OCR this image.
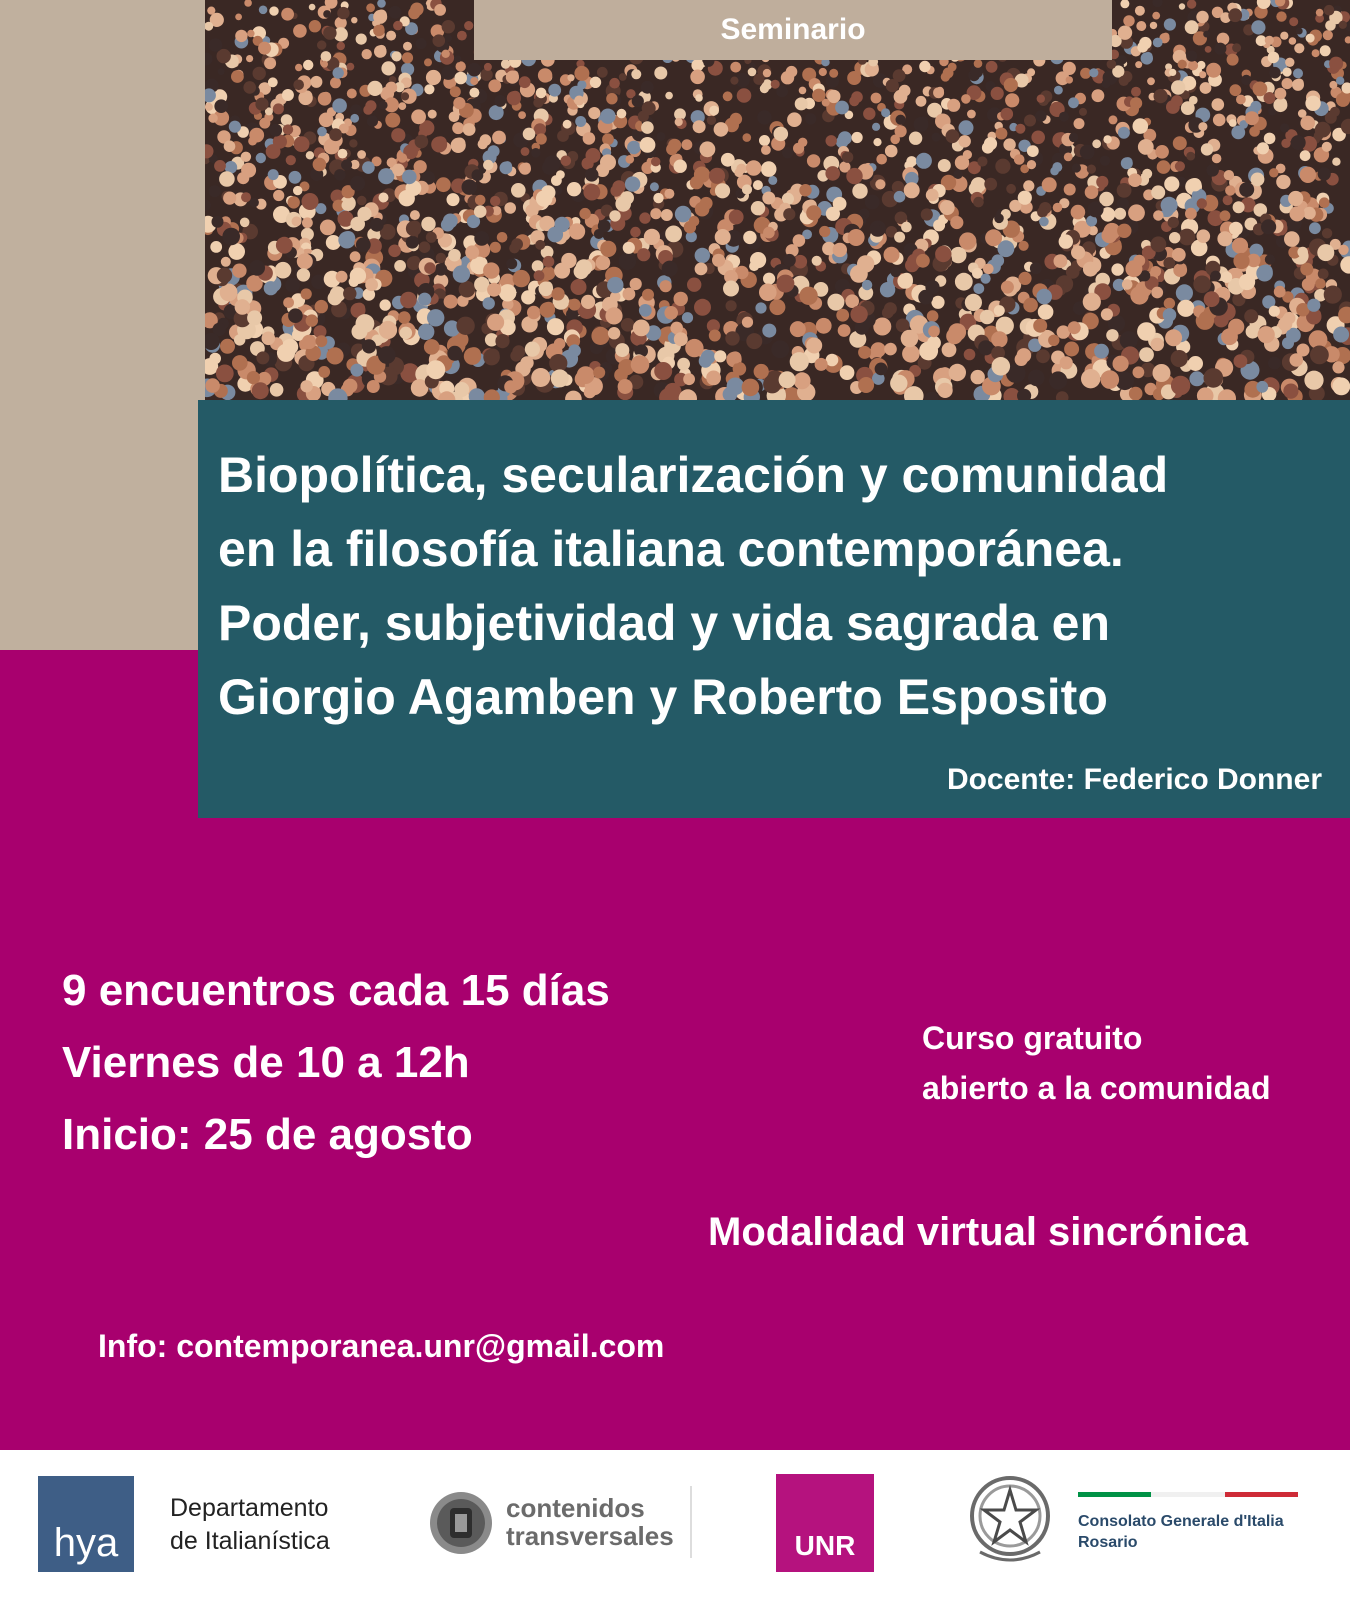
Seminario
Biopolítica, secularización y comunidad
en la filosofía italiana contemporánea.
Poder, subjetividad y vida sagrada en
Giorgio Agamben y Roberto Esposito
Docente: Federico Donner
9 encuentros cada 15 días
Viernes de 10 a 12h
Inicio: 25 de agosto
Curso gratuito
abierto a la comunidad
Modalidad virtual sincrónica
Info: contemporanea.unr@gmail.com
hya
Departamento
de Italianística
contenidos
transversales	UNR
Consolato Generale d'Italia
Rosario
